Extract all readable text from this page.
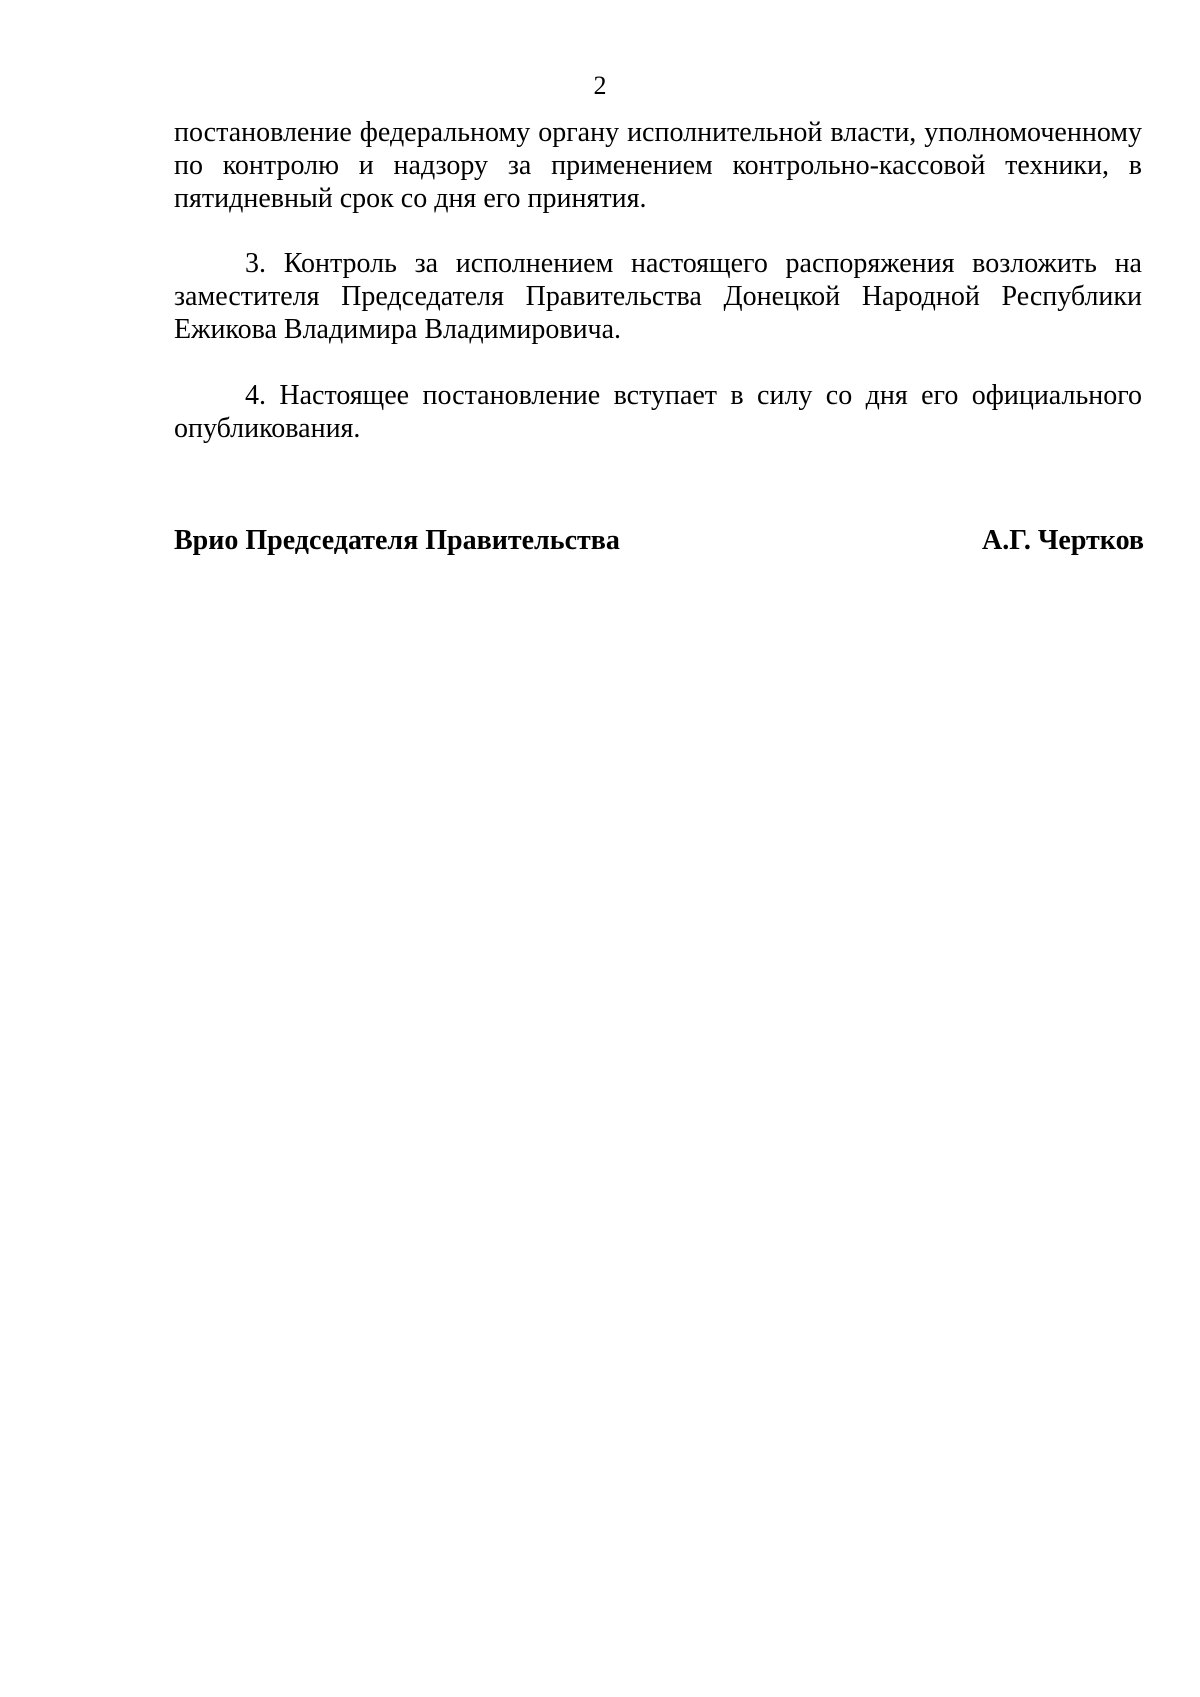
2

постановление федеральному органу исполнительной власти, уполномоченному по контролю и надзору за применением контрольно-кассовой техники, в пятидневный срок со дня его принятия.

3. Контроль за исполнением настоящего распоряжения возложить на заместителя Председателя Правительства Донецкой Народной Республики Ежикова Владимира Владимировича.

4. Настоящее постановление вступает в силу со дня его официального опубликования.

Врио Председателя Правительства	А.Г. Чертков
